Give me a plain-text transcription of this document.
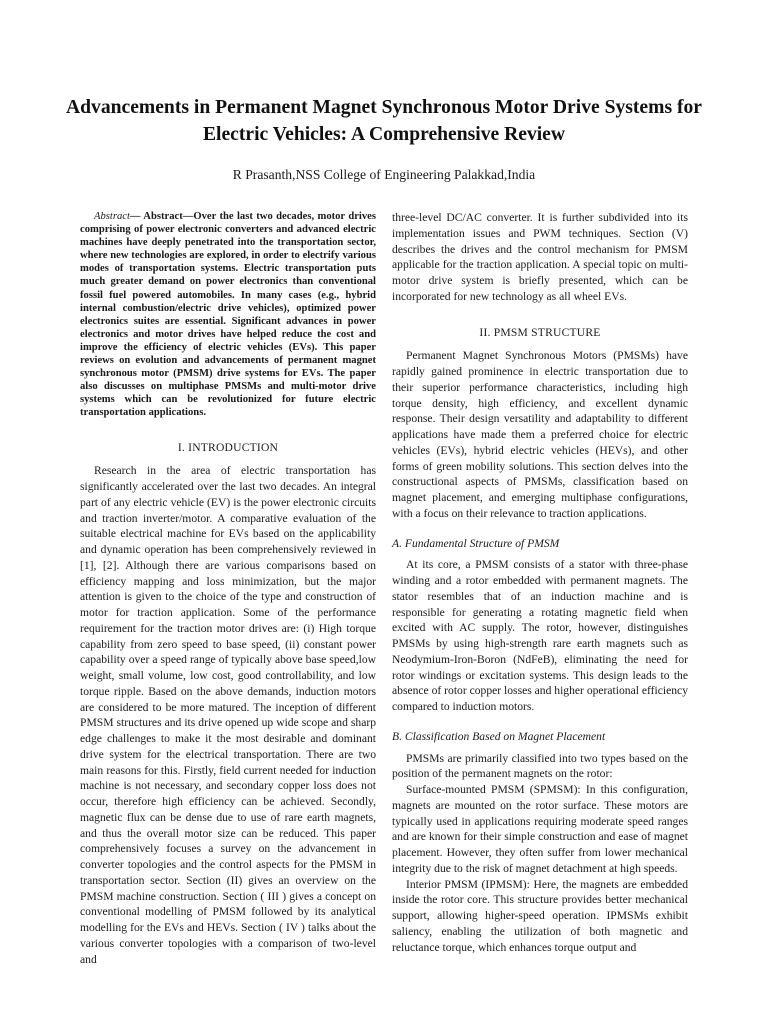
Advancements in Permanent Magnet Synchronous Motor Drive Systems for Electric Vehicles: A Comprehensive Review
R Prasanth,NSS College of Engineering Palakkad,India

Abstract— Abstract—Over the last two decades, motor drives comprising of power electronic converters and advanced electric machines have deeply penetrated into the transportation sector, where new technologies are explored, in order to electrify various modes of transportation systems. Electric transportation puts much greater demand on power electronics than conventional fossil fuel powered automobiles. In many cases (e.g., hybrid internal combustion/electric drive vehicles), optimized power electronics suites are essential. Significant advances in power electronics and motor drives have helped reduce the cost and improve the efficiency of electric vehicles (EVs). This paper reviews on evolution and advancements of permanent magnet synchronous motor (PMSM) drive systems for EVs. The paper also discusses on multiphase PMSMs and multi-motor drive systems which can be revolutionized for future electric transportation applications.

I. INTRODUCTION

Research in the area of electric transportation has significantly accelerated over the last two decades. An integral part of any electric vehicle (EV) is the power electronic circuits and traction inverter/motor. A comparative evaluation of the suitable electrical machine for EVs based on the applicability and dynamic operation has been comprehensively reviewed in [1], [2]. Although there are various comparisons based on efficiency mapping and loss minimization, but the major attention is given to the choice of the type and construction of motor for traction application. Some of the performance requirement for the traction motor drives are: (i) High torque capability from zero speed to base speed, (ii) constant power capability over a speed range of typically above base speed,low weight, small volume, low cost, good controllability, and low torque ripple. Based on the above demands, induction motors are considered to be more matured. The inception of different PMSM structures and its drive opened up wide scope and sharp edge challenges to make it the most desirable and dominant drive system for the electrical transportation. There are two main reasons for this. Firstly, field current needed for induction machine is not necessary, and secondary copper loss does not occur, therefore high efficiency can be achieved. Secondly, magnetic flux can be dense due to use of rare earth magnets, and thus the overall motor size can be reduced. This paper comprehensively focuses a survey on the advancement in converter topologies and the control aspects for the PMSM in transportation sector. Section (II) gives an overview on the PMSM machine construction. Section ( III ) gives a concept on conventional modelling of PMSM followed by its analytical modelling for the EVs and HEVs. Section ( IV ) talks about the various converter topologies with a comparison of two-level and

three-level DC/AC converter. It is further subdivided into its implementation issues and PWM techniques. Section (V) describes the drives and the control mechanism for PMSM applicable for the traction application. A special topic on multi-motor drive system is briefly presented, which can be incorporated for new technology as all wheel EVs.

II. PMSM STRUCTURE

Permanent Magnet Synchronous Motors (PMSMs) have rapidly gained prominence in electric transportation due to their superior performance characteristics, including high torque density, high efficiency, and excellent dynamic response. Their design versatility and adaptability to different applications have made them a preferred choice for electric vehicles (EVs), hybrid electric vehicles (HEVs), and other forms of green mobility solutions. This section delves into the constructional aspects of PMSMs, classification based on magnet placement, and emerging multiphase configurations, with a focus on their relevance to traction applications.

A. Fundamental Structure of PMSM

At its core, a PMSM consists of a stator with three-phase winding and a rotor embedded with permanent magnets. The stator resembles that of an induction machine and is responsible for generating a rotating magnetic field when excited with AC supply. The rotor, however, distinguishes PMSMs by using high-strength rare earth magnets such as Neodymium-Iron-Boron (NdFeB), eliminating the need for rotor windings or excitation systems. This design leads to the absence of rotor copper losses and higher operational efficiency compared to induction motors.

B. Classification Based on Magnet Placement

PMSMs are primarily classified into two types based on the position of the permanent magnets on the rotor:

Surface-mounted PMSM (SPMSM): In this configuration, magnets are mounted on the rotor surface. These motors are typically used in applications requiring moderate speed ranges and are known for their simple construction and ease of magnet placement. However, they often suffer from lower mechanical integrity due to the risk of magnet detachment at high speeds.

Interior PMSM (IPMSM): Here, the magnets are embedded inside the rotor core. This structure provides better mechanical support, allowing higher-speed operation. IPMSMs exhibit saliency, enabling the utilization of both magnetic and reluctance torque, which enhances torque output and
